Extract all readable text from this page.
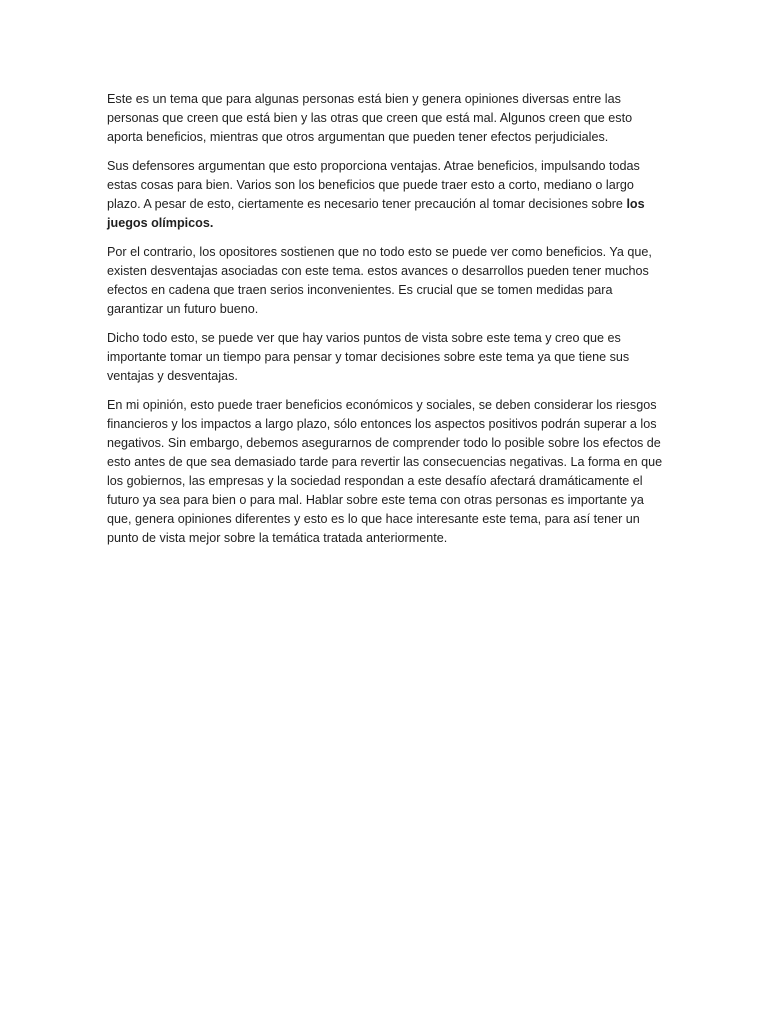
Este es un tema que para algunas personas está bien y genera opiniones diversas entre las personas que creen que está bien y las otras que creen que está mal. Algunos creen que esto aporta beneficios, mientras que otros argumentan que pueden tener efectos perjudiciales.

Sus defensores argumentan que esto proporciona ventajas. Atrae beneficios, impulsando todas estas cosas para bien. Varios son los beneficios que puede traer esto a corto, mediano o largo plazo. A pesar de esto, ciertamente es necesario tener precaución al tomar decisiones sobre los juegos olímpicos.

Por el contrario, los opositores sostienen que no todo esto se puede ver como beneficios. Ya que, existen desventajas asociadas con este tema. estos avances o desarrollos pueden tener muchos efectos en cadena que traen serios inconvenientes. Es crucial que se tomen medidas para garantizar un futuro bueno.

Dicho todo esto, se puede ver que hay varios puntos de vista sobre este tema y creo que es importante tomar un tiempo para pensar y tomar decisiones sobre este tema ya que tiene sus ventajas y desventajas.

En mi opinión, esto puede traer beneficios económicos y sociales, se deben considerar los riesgos financieros y los impactos a largo plazo, sólo entonces los aspectos positivos podrán superar a los negativos. Sin embargo, debemos asegurarnos de comprender todo lo posible sobre los efectos de esto antes de que sea demasiado tarde para revertir las consecuencias negativas. La forma en que los gobiernos, las empresas y la sociedad respondan a este desafío afectará dramáticamente el futuro ya sea para bien o para mal. Hablar sobre este tema con otras personas es importante ya que, genera opiniones diferentes y esto es lo que hace interesante este tema, para así tener un punto de vista mejor sobre la temática tratada anteriormente.
